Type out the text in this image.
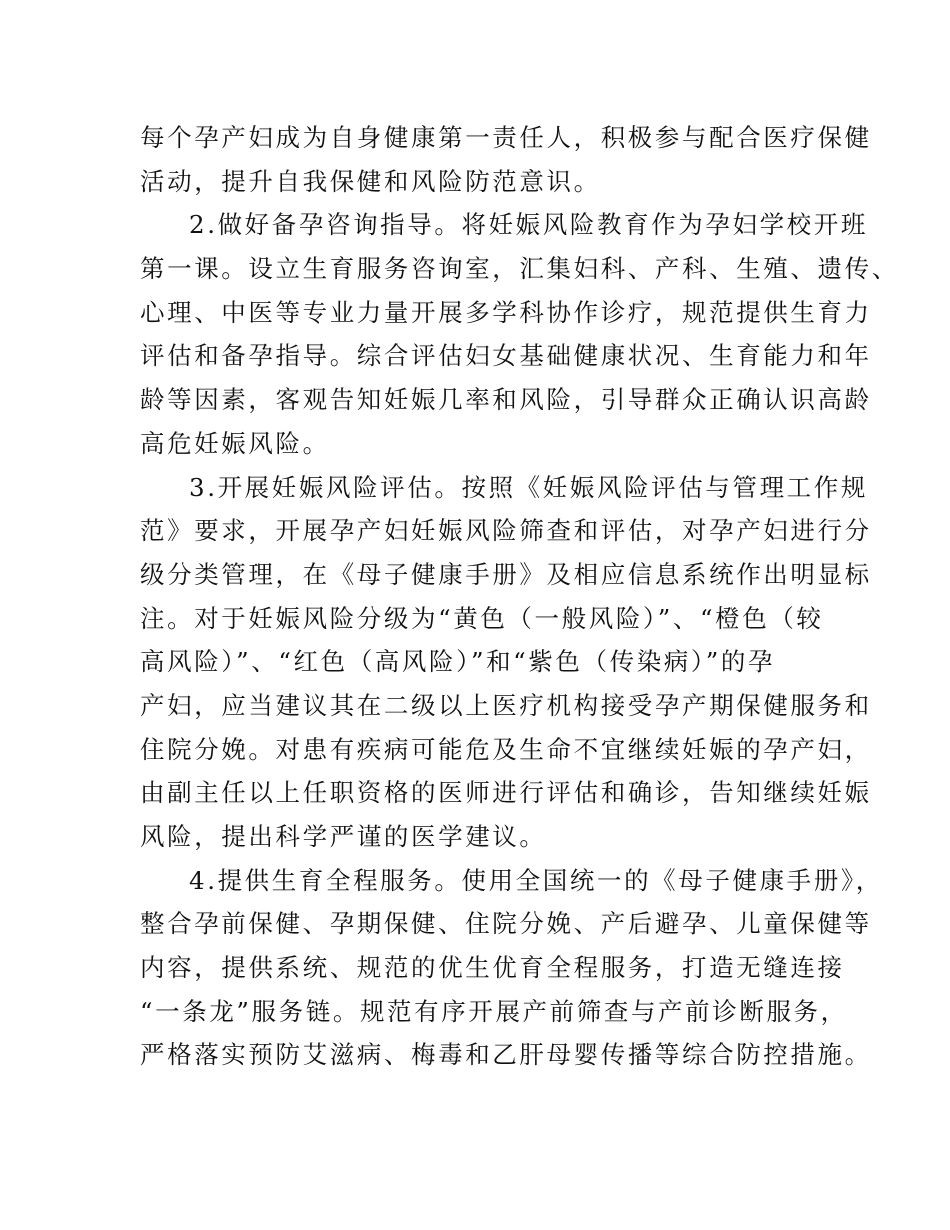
每个孕产妇成为自身健康第一责任人，积极参与配合医疗保健
活动，提升自我保健和风险防范意识。
2.做好备孕咨询指导。将妊娠风险教育作为孕妇学校开班
第一课。设立生育服务咨询室，汇集妇科、产科、生殖、遗传、
心理、中医等专业力量开展多学科协作诊疗，规范提供生育力
评估和备孕指导。综合评估妇女基础健康状况、生育能力和年
龄等因素，客观告知妊娠几率和风险，引导群众正确认识高龄
高危妊娠风险。
3.开展妊娠风险评估。按照《妊娠风险评估与管理工作规
范》要求，开展孕产妇妊娠风险筛查和评估，对孕产妇进行分
级分类管理，在《母子健康手册》及相应信息系统作出明显标
注。对于妊娠风险分级为“黄色（一般风险）”、“橙色（较
高风险）”、“红色（高风险）”和“紫色（传染病）”的孕
产妇，应当建议其在二级以上医疗机构接受孕产期保健服务和
住院分娩。对患有疾病可能危及生命不宜继续妊娠的孕产妇，
由副主任以上任职资格的医师进行评估和确诊，告知继续妊娠
风险，提出科学严谨的医学建议。
4.提供生育全程服务。使用全国统一的《母子健康手册》，
整合孕前保健、孕期保健、住院分娩、产后避孕、儿童保健等
内容，提供系统、规范的优生优育全程服务，打造无缝连接
“一条龙”服务链。规范有序开展产前筛查与产前诊断服务，
严格落实预防艾滋病、梅毒和乙肝母婴传播等综合防控措施。
